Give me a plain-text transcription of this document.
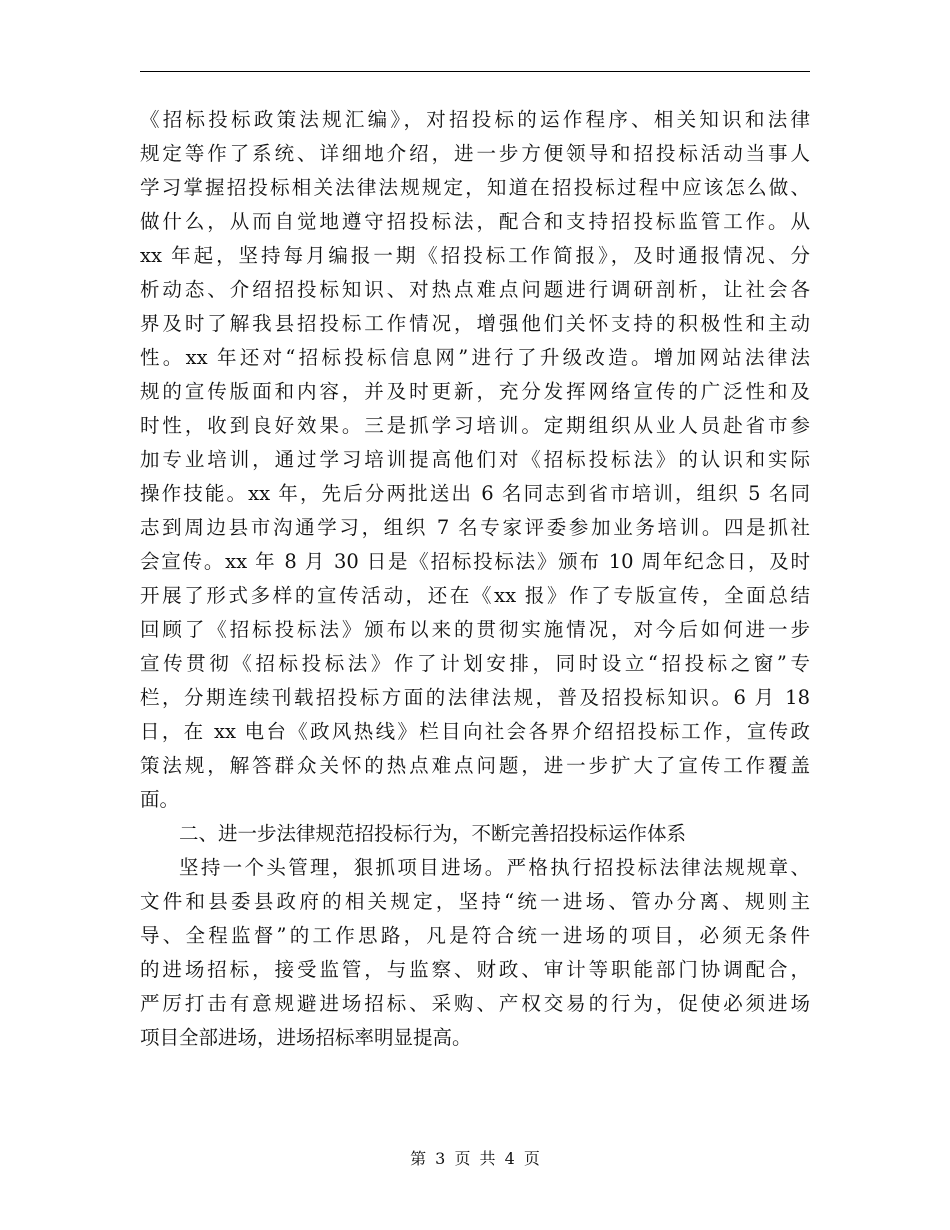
《招标投标政策法规汇编》，对招投标的运作程序、相关知识和法律
规定等作了系统、详细地介绍，进一步方便领导和招投标活动当事人
学习掌握招投标相关法律法规规定，知道在招投标过程中应该怎么做、
做什么，从而自觉地遵守招投标法，配合和支持招投标监管工作。从
xx 年起，坚持每月编报一期《招投标工作简报》，及时通报情况、分
析动态、介绍招投标知识、对热点难点问题进行调研剖析，让社会各
界及时了解我县招投标工作情况，增强他们关怀支持的积极性和主动
性。xx 年还对“招标投标信息网”进行了升级改造。增加网站法律法
规的宣传版面和内容，并及时更新，充分发挥网络宣传的广泛性和及
时性，收到良好效果。三是抓学习培训。定期组织从业人员赴省市参
加专业培训，通过学习培训提高他们对《招标投标法》的认识和实际
操作技能。xx 年，先后分两批送出 6 名同志到省市培训，组织 5 名同
志到周边县市沟通学习，组织 7 名专家评委参加业务培训。四是抓社
会宣传。xx 年 8 月 30 日是《招标投标法》颁布 10 周年纪念日，及时
开展了形式多样的宣传活动，还在《xx 报》作了专版宣传，全面总结
回顾了《招标投标法》颁布以来的贯彻实施情况，对今后如何进一步
宣传贯彻《招标投标法》作了计划安排，同时设立“招投标之窗”专
栏，分期连续刊载招投标方面的法律法规，普及招投标知识。6 月 18
日，在 xx 电台《政风热线》栏目向社会各界介绍招投标工作，宣传政
策法规，解答群众关怀的热点难点问题，进一步扩大了宣传工作覆盖
面。
二、进一步法律规范招投标行为，不断完善招投标运作体系
坚持一个头管理，狠抓项目进场。严格执行招投标法律法规规章、
文件和县委县政府的相关规定，坚持“统一进场、管办分离、规则主
导、全程监督”的工作思路，凡是符合统一进场的项目，必须无条件
的进场招标，接受监管，与监察、财政、审计等职能部门协调配合，
严厉打击有意规避进场招标、采购、产权交易的行为，促使必须进场
项目全部进场，进场招标率明显提高。
第 3 页 共 4 页
